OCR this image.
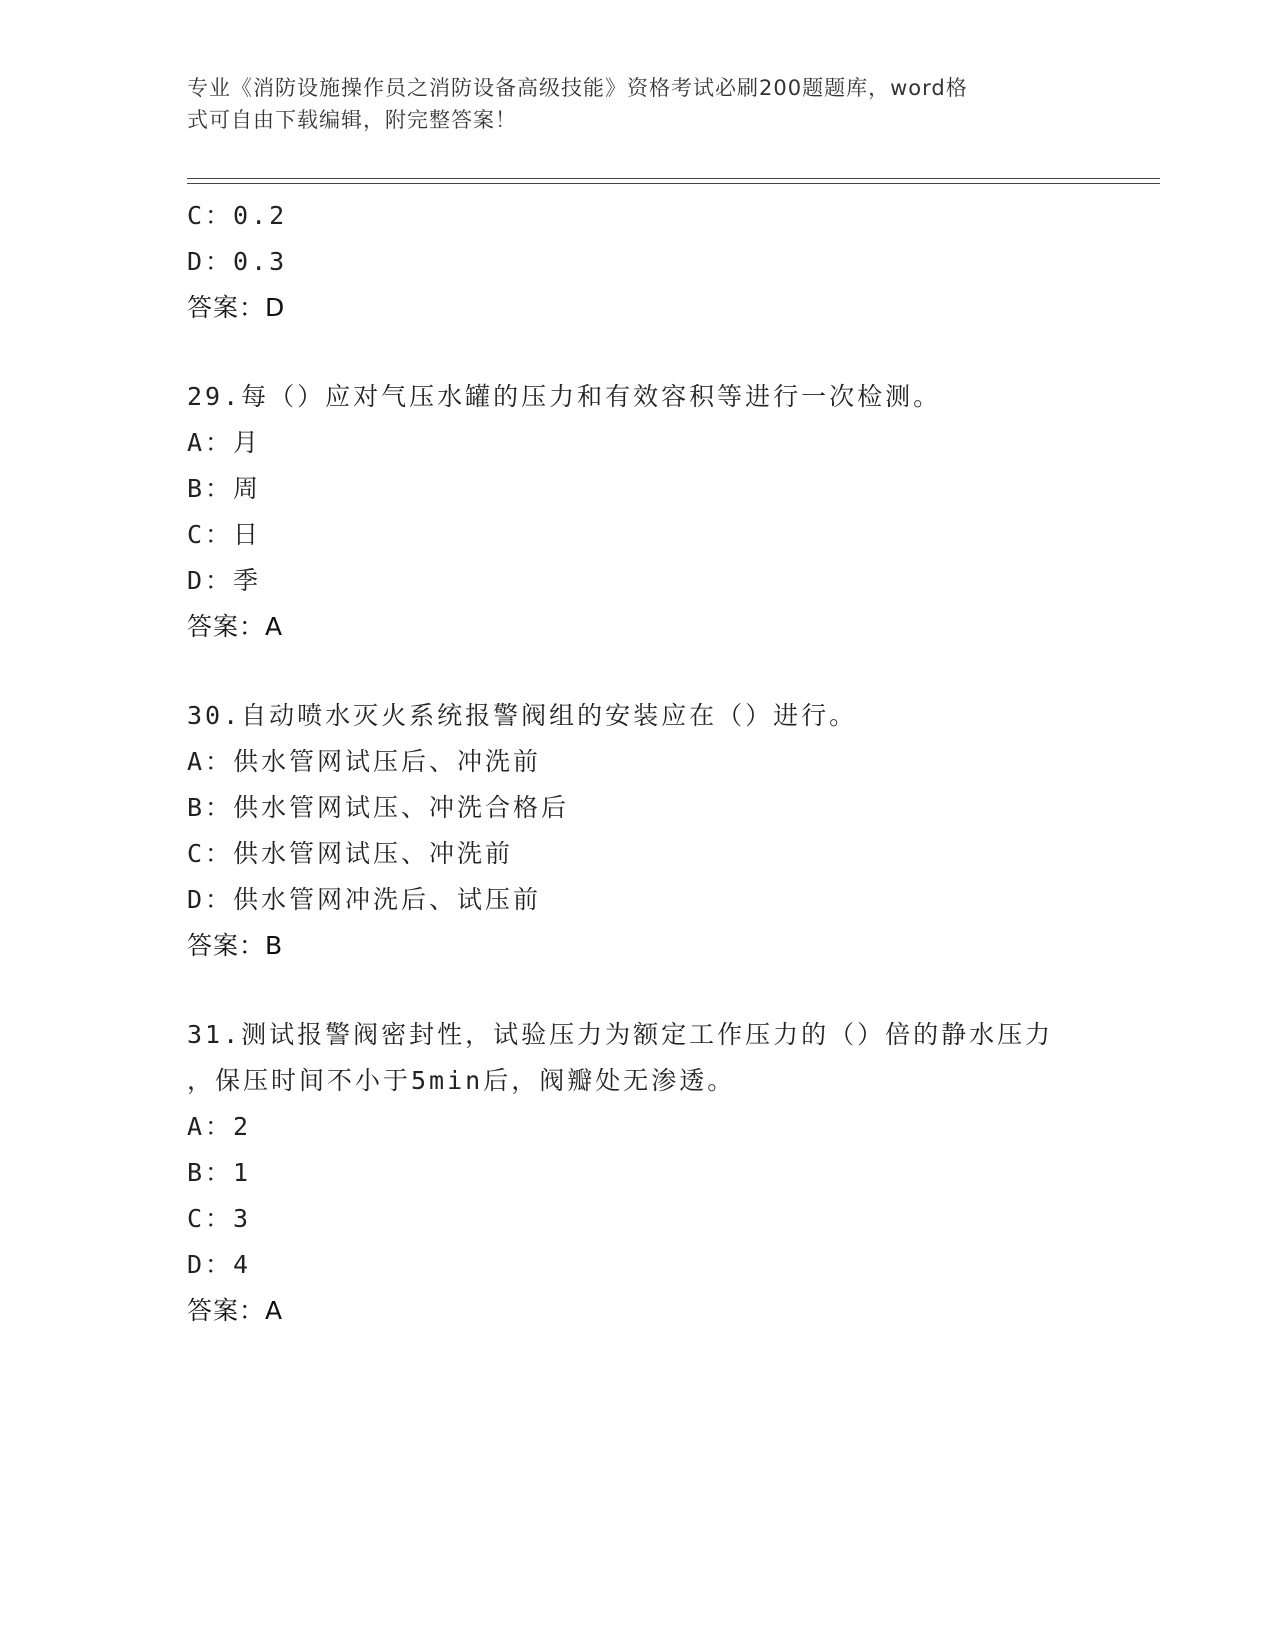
专业《消防设施操作员之消防设备高级技能》资格考试必刷200题题库，word格
式可自由下载编辑，附完整答案！
C：0.2
D：0.3
答案：D
29.每（）应对气压水罐的压力和有效容积等进行一次检测。
A：月
B：周
C：日
D：季
答案：A
30.自动喷水灭火系统报警阀组的安装应在（）进行。
A：供水管网试压后、冲洗前
B：供水管网试压、冲洗合格后
C：供水管网试压、冲洗前
D：供水管网冲洗后、试压前
答案：B
31.测试报警阀密封性，试验压力为额定工作压力的（）倍的静水压力
，保压时间不小于5min后，阀瓣处无渗透。
A：2
B：1
C：3
D：4
答案：A
